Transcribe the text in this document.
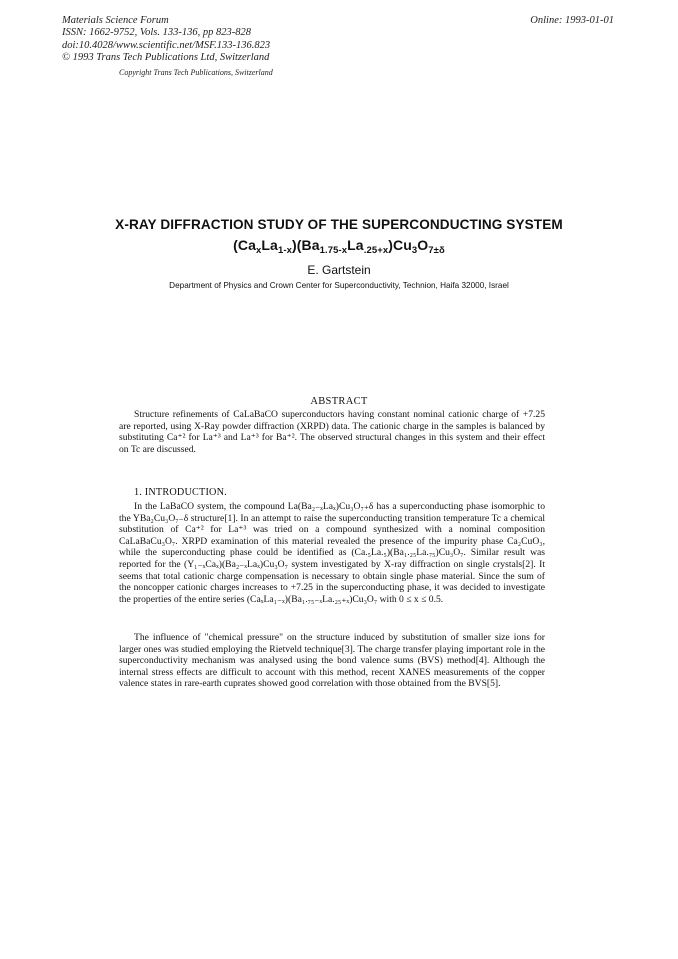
Materials Science Forum
ISSN: 1662-9752, Vols. 133-136, pp 823-828
doi:10.4028/www.scientific.net/MSF.133-136.823
© 1993 Trans Tech Publications Ltd, Switzerland
Online: 1993-01-01
Copyright Trans Tech Publications, Switzerland
X-RAY DIFFRACTION STUDY OF THE SUPERCONDUCTING SYSTEM
$(Ca_xLa_{1-x})(Ba_{1.75-x}La_{.25+x})Cu_3O_{7\pm\delta}$
E. Gartstein
Department of Physics and Crown Center for Superconductivity, Technion, Haifa 32000, Israel
ABSTRACT

Structure refinements of CaLaBaCO superconductors having constant nominal cationic charge of +7.25 are reported, using X-Ray powder diffraction (XRPD) data. The cationic charge in the samples is balanced by substituting Ca⁺² for La⁺³ and La⁺³ for Ba⁺². The observed structural changes in this system and their effect on Tc are discussed.

1. INTRODUCTION.

In the LaBaCO system, the compound La(Ba₂₋ₓLaₓ)Cu₃O₇₊δ has a superconducting phase isomorphic to the YBa₂Cu₃O₇₋δ structure[1]. In an attempt to raise the superconducting transition temperature Tc a chemical substitution of Ca⁺² for La⁺³ was tried on a compound synthesized with a nominal composition CaLaBaCu₃O₇. XRPD examination of this material revealed the presence of the impurity phase Ca₂CuO₃, while the superconducting phase could be identified as (Ca.₅La.₅)(Ba₁.₂₅La.₇₅)Cu₃O₇. Similar result was reported for the (Y₁₋ₓCaₓ)(Ba₂₋ₓLaₓ)Cu₃O₇ system investigated by X-ray diffraction on single crystals[2]. It seems that total cationic charge compensation is necessary to obtain single phase material. Since the sum of the noncopper cationic charges increases to +7.25 in the superconducting phase, it was decided to investigate the properties of the entire series (CaₓLa₁₋ₓ)(Ba₁.₇₅₋ₓLa.₂₅₊ₓ)Cu₃O₇ with 0 ≤ x ≤ 0.5.

The influence of "chemical pressure" on the structure induced by substitution of smaller size ions for larger ones was studied employing the Rietveld technique[3]. The charge transfer playing important role in the superconductivity mechanism was analysed using the bond valence sums (BVS) method[4]. Although the internal stress effects are difficult to account with this method, recent XANES measurements of the copper valence states in rare-earth cuprates showed good correlation with those obtained from the BVS[5].
